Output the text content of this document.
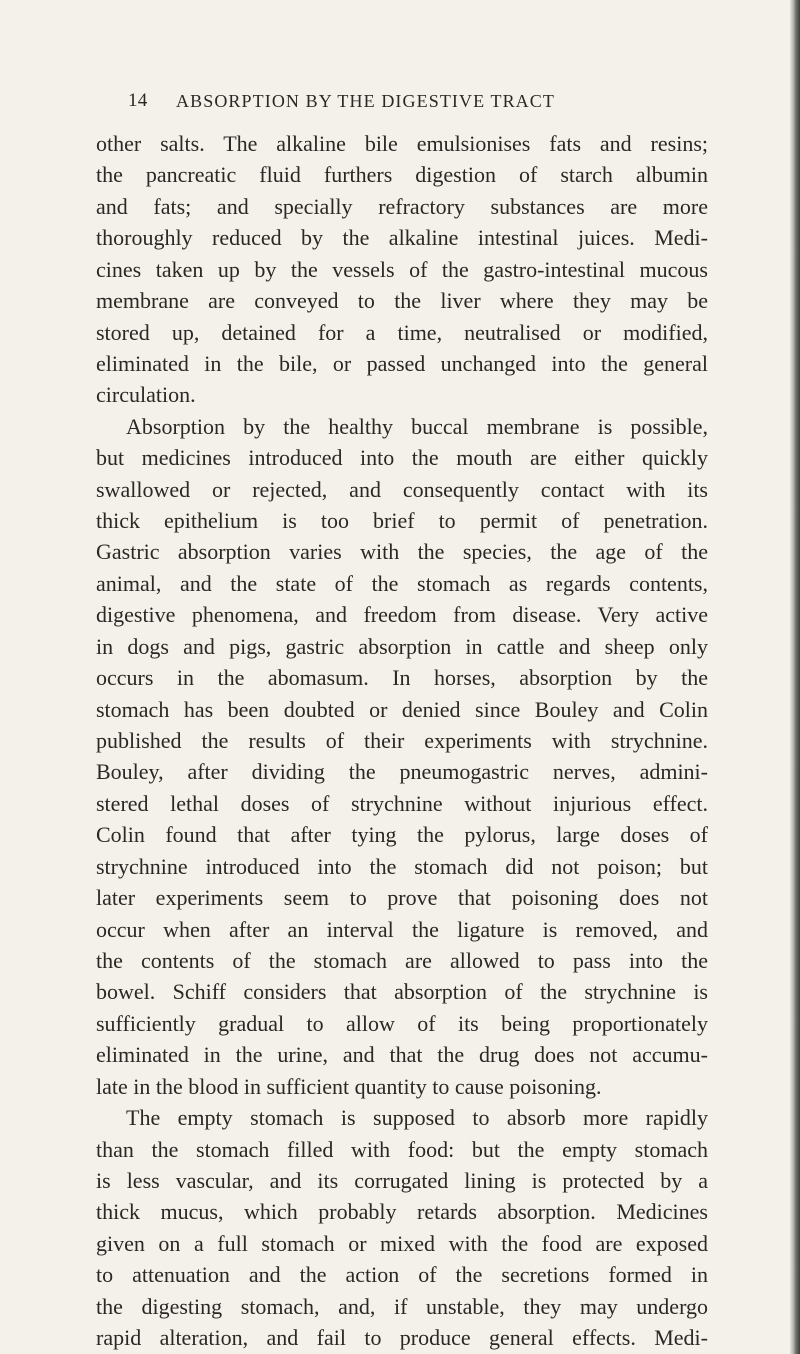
14 ABSORPTION BY THE DIGESTIVE TRACT
other salts. The alkaline bile emulsionises fats and resins;
the pancreatic fluid furthers digestion of starch albumin
and fats; and specially refractory substances are more
thoroughly reduced by the alkaline intestinal juices. Medi-
cines taken up by the vessels of the gastro-intestinal mucous
membrane are conveyed to the liver where they may be
stored up, detained for a time, neutralised or modified,
eliminated in the bile, or passed unchanged into the general
circulation.
Absorption by the healthy buccal membrane is possible,
but medicines introduced into the mouth are either quickly
swallowed or rejected, and consequently contact with its
thick epithelium is too brief to permit of penetration.
Gastric absorption varies with the species, the age of the
animal, and the state of the stomach as regards contents,
digestive phenomena, and freedom from disease. Very active
in dogs and pigs, gastric absorption in cattle and sheep only
occurs in the abomasum. In horses, absorption by the
stomach has been doubted or denied since Bouley and Colin
published the results of their experiments with strychnine.
Bouley, after dividing the pneumogastric nerves, admini-
stered lethal doses of strychnine without injurious effect.
Colin found that after tying the pylorus, large doses of
strychnine introduced into the stomach did not poison; but
later experiments seem to prove that poisoning does not
occur when after an interval the ligature is removed, and
the contents of the stomach are allowed to pass into the
bowel. Schiff considers that absorption of the strychnine is
sufficiently gradual to allow of its being proportionately
eliminated in the urine, and that the drug does not accumu-
late in the blood in sufficient quantity to cause poisoning.
The empty stomach is supposed to absorb more rapidly
than the stomach filled with food: but the empty stomach
is less vascular, and its corrugated lining is protected by a
thick mucus, which probably retards absorption. Medicines
given on a full stomach or mixed with the food are exposed
to attenuation and the action of the secretions formed in
the digesting stomach, and, if unstable, they may undergo
rapid alteration, and fail to produce general effects. Medi-
